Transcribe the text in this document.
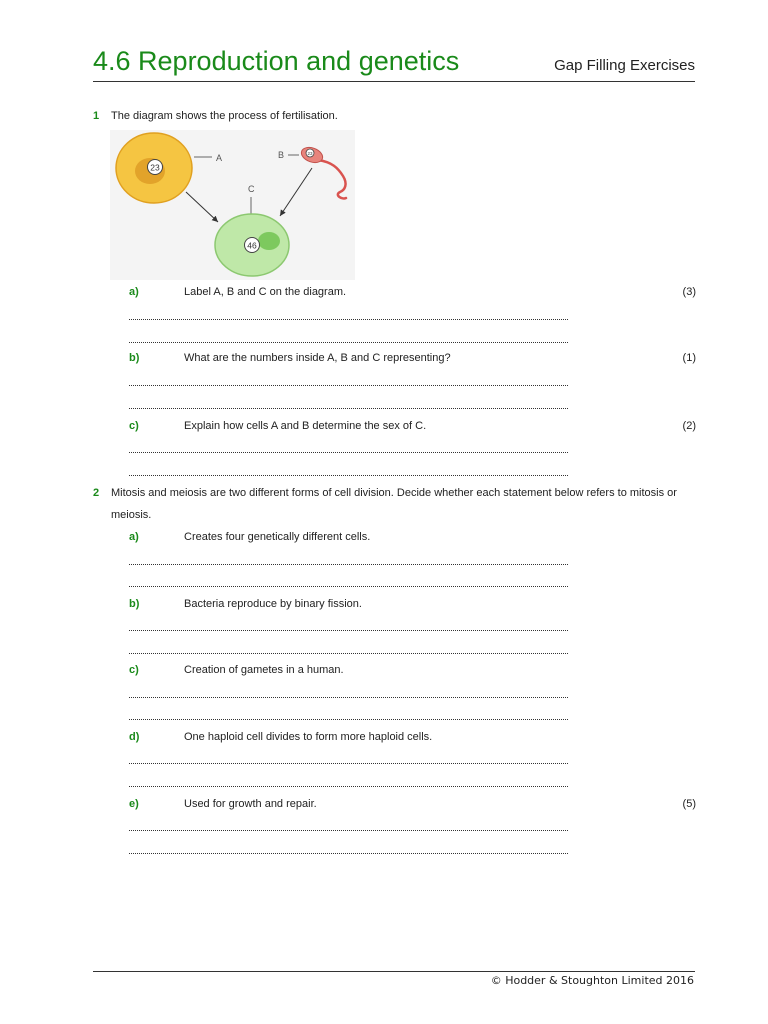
4.6 Reproduction and genetics	Gap Filling Exercises
1 The diagram shows the process of fertilisation.
23
A	23
B
C
46
a)	Label A, B and C on the diagram.	(3)
b)	What are the numbers inside A, B and C representing?	(1)
c)	Explain how cells A and B determine the sex of C.	(2)
2 Mitosis and meiosis are two different forms of cell division. Decide whether each statement below refers to mitosis or meiosis.
a)	Creates four genetically different cells.
b)	Bacteria reproduce by binary fission.
c)	Creation of gametes in a human.
d)	One haploid cell divides to form more haploid cells.
e)	Used for growth and repair.	(5)
© Hodder & Stoughton Limited 2016
